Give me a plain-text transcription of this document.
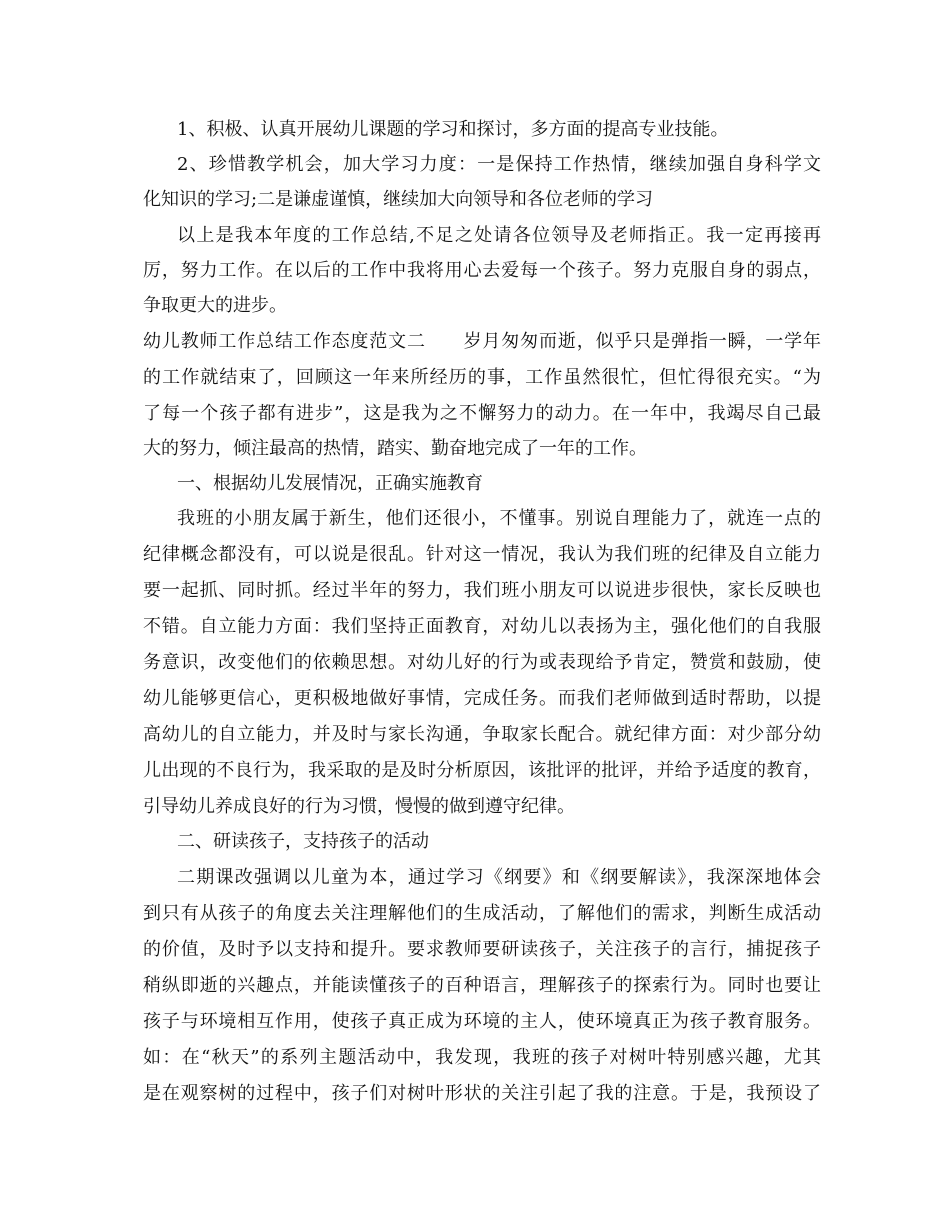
1、积极、认真开展幼儿课题的学习和探讨，多方面的提高专业技能。
2、珍惜教学机会，加大学习力度：一是保持工作热情，继续加强自身科学文
化知识的学习;二是谦虚谨慎，继续加大向领导和各位老师的学习
以上是我本年度的工作总结,不足之处请各位领导及老师指正。我一定再接再
厉，努力工作。在以后的工作中我将用心去爱每一个孩子。努力克服自身的弱点，
争取更大的进步。
幼儿教师工作总结工作态度范文二　　岁月匆匆而逝，似乎只是弹指一瞬，一学年
的工作就结束了，回顾这一年来所经历的事，工作虽然很忙，但忙得很充实。“为
了每一个孩子都有进步”，这是我为之不懈努力的动力。在一年中，我竭尽自己最
大的努力，倾注最高的热情，踏实、勤奋地完成了一年的工作。
一、根据幼儿发展情况，正确实施教育
我班的小朋友属于新生，他们还很小，不懂事。别说自理能力了，就连一点的
纪律概念都没有，可以说是很乱。针对这一情况，我认为我们班的纪律及自立能力
要一起抓、同时抓。经过半年的努力，我们班小朋友可以说进步很快，家长反映也
不错。自立能力方面：我们坚持正面教育，对幼儿以表扬为主，强化他们的自我服
务意识，改变他们的依赖思想。对幼儿好的行为或表现给予肯定，赞赏和鼓励，使
幼儿能够更信心，更积极地做好事情，完成任务。而我们老师做到适时帮助，以提
高幼儿的自立能力，并及时与家长沟通，争取家长配合。就纪律方面：对少部分幼
儿出现的不良行为，我采取的是及时分析原因，该批评的批评，并给予适度的教育，
引导幼儿养成良好的行为习惯，慢慢的做到遵守纪律。
二、研读孩子，支持孩子的活动
二期课改强调以儿童为本，通过学习《纲要》和《纲要解读》，我深深地体会
到只有从孩子的角度去关注理解他们的生成活动，了解他们的需求，判断生成活动
的价值，及时予以支持和提升。要求教师要研读孩子，关注孩子的言行，捕捉孩子
稍纵即逝的兴趣点，并能读懂孩子的百种语言，理解孩子的探索行为。同时也要让
孩子与环境相互作用，使孩子真正成为环境的主人，使环境真正为孩子教育服务。
如：在“秋天”的系列主题活动中，我发现，我班的孩子对树叶特别感兴趣，尤其
是在观察树的过程中，孩子们对树叶形状的关注引起了我的注意。于是，我预设了
